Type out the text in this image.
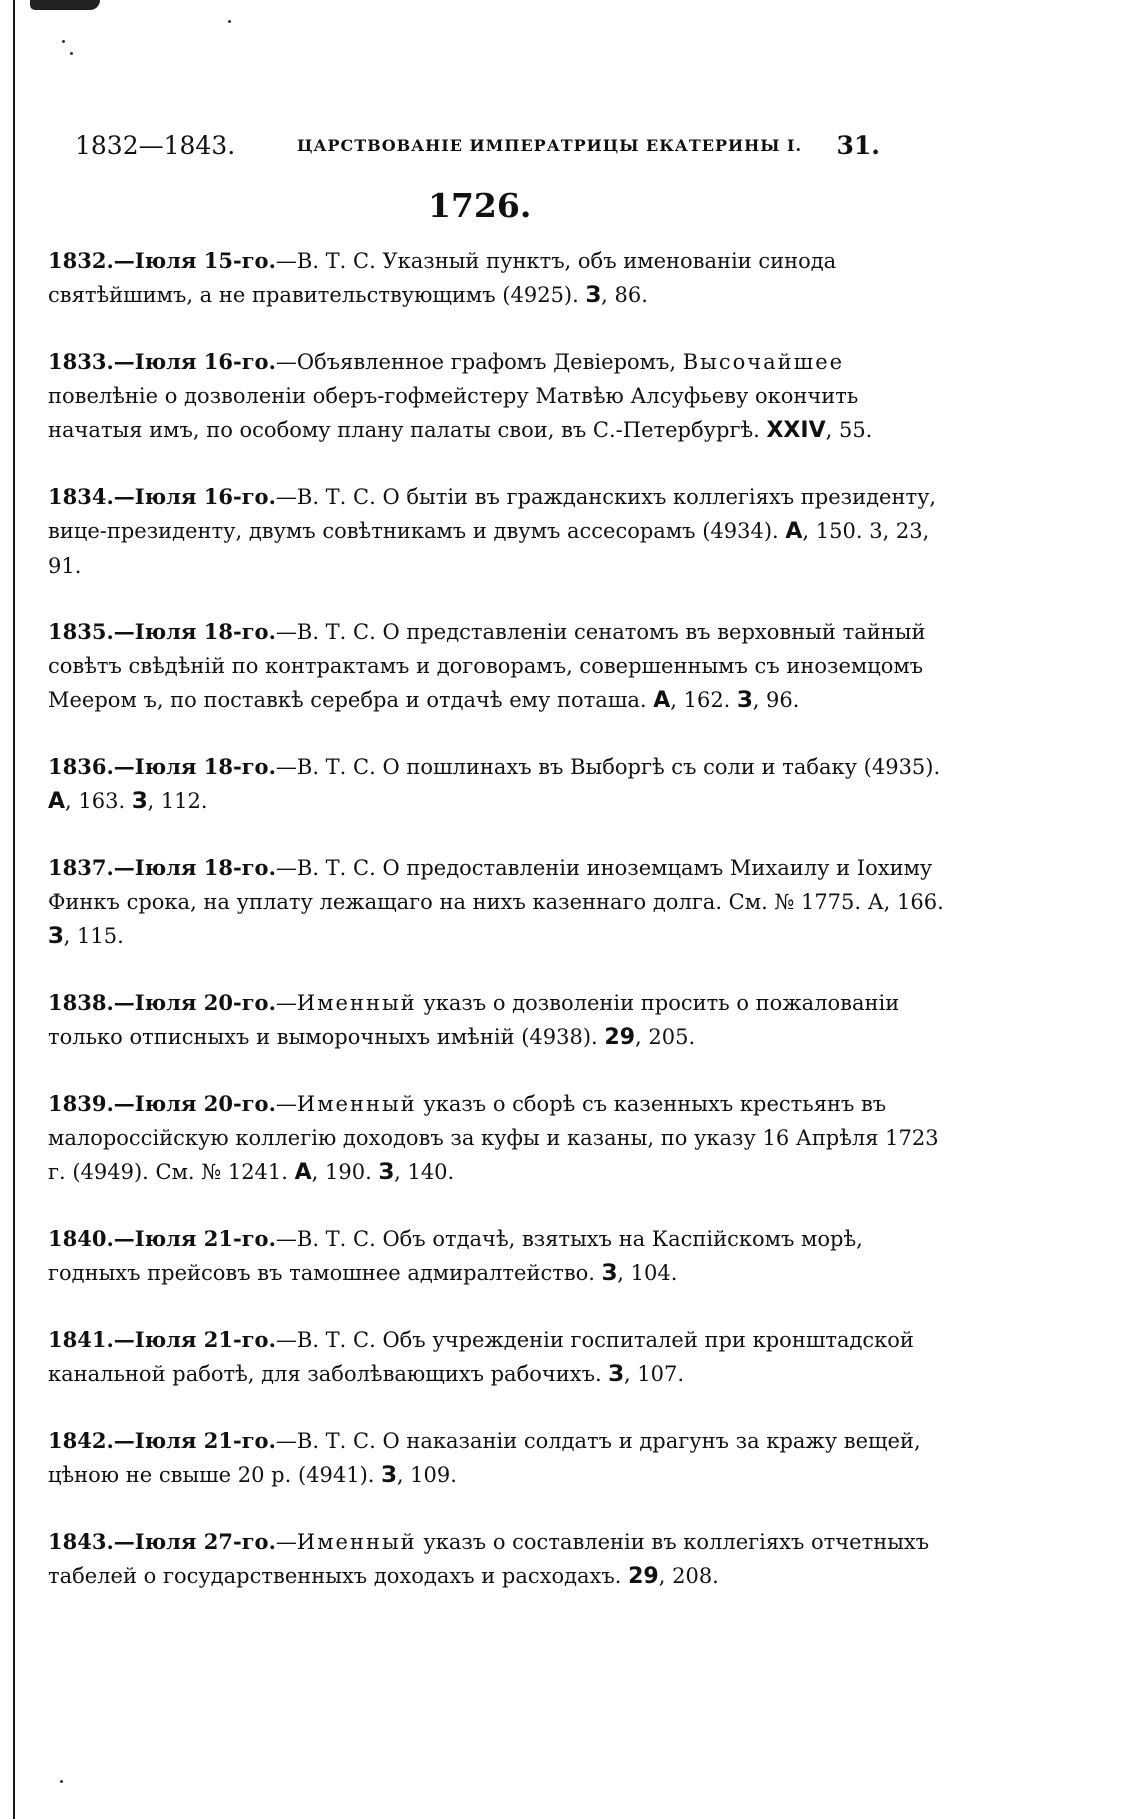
1832—1843.	ЦАРСТВОВАНІЕ ИМПЕРАТРИЦЫ ЕКАТЕРИНЫ I. 31.
1726.

1832.—Іюля 15-го.—В. Т. С. Указный пунктъ, объ именованіи синода святѣйшимъ, а не правительствующимъ (4925). З, 86.

1833.—Іюля 16-го.—Объявленное графомъ Девіеромъ, Высочайшее повелѣніе о дозволеніи оберъ-гофмейстеру Матвѣю Алсуфьеву окончить начатыя имъ, по особому плану палаты свои, въ С.-Петербургѣ. XXIV, 55.

1834.—Іюля 16-го.—В. Т. С. О бытіи въ гражданскихъ коллегіяхъ президенту, вице-президенту, двумъ совѣтникамъ и двумъ ассесорамъ (4934). А, 150. 3, 23, 91.

1835.—Іюля 18-го.—В. Т. С. О представленіи сенатомъ въ верховный тайный совѣтъ свѣдѣній по контрактамъ и договорамъ, совершеннымъ съ иноземцомъ Меером ъ, по поставкѣ серебра и отдачѣ ему поташа. А, 162. З, 96.

1836.—Іюля 18-го.—В. Т. С. О пошлинахъ въ Выборгѣ съ соли и табаку (4935). А, 163. З, 112.

1837.—Іюля 18-го.—В. Т. С. О предоставленіи иноземцамъ Михаилу и Іохиму Финкъ срока, на уплату лежащаго на нихъ казеннаго долга. См. № 1775. А, 166. З, 115.

1838.—Іюля 20-го.—Именный указъ о дозволеніи просить о пожалованіи только отписныхъ и выморочныхъ имѣній (4938). 29, 205.

1839.—Іюля 20-го.—Именный указъ о сборѣ съ казенныхъ крестьянъ въ малороссійскую коллегію доходовъ за куфы и казаны, по указу 16 Апрѣля 1723 г. (4949). См. № 1241. А, 190. З, 140.

1840.—Іюля 21-го.—В. Т. С. Объ отдачѣ, взятыхъ на Каспійскомъ морѣ, годныхъ прейсовъ въ тамошнее адмиралтейство. З, 104.

1841.—Іюля 21-го.—В. Т. С. Объ учрежденіи госпиталей при кронштадской канальной работѣ, для заболѣвающихъ рабочихъ. З, 107.

1842.—Іюля 21-го.—В. Т. С. О наказаніи солдатъ и драгунъ за кражу вещей, цѣною не свыше 20 р. (4941). З, 109.

1843.—Іюля 27-го.—Именный указъ о составленіи въ коллегіяхъ отчетныхъ табелей о государственныхъ доходахъ и расходахъ. 29, 208.
